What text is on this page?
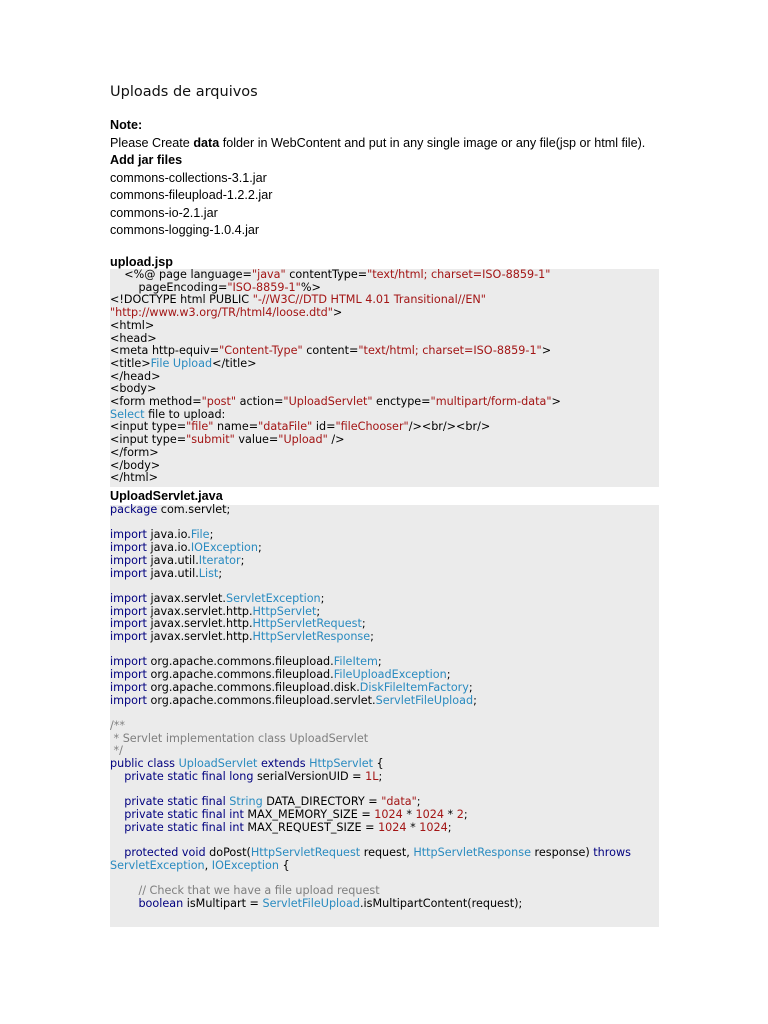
Uploads de arquivos
Note:
Please Create data folder in WebContent and put in any single image or any file(jsp or html file).
Add jar files
commons-collections-3.1.jar
commons-fileupload-1.2.2.jar
commons-io-2.1.jar
commons-logging-1.0.4.jar
upload.jsp
<%@ page language="java" contentType="text/html; charset=ISO-8859-1"
pageEncoding="ISO-8859-1"%>
<!DOCTYPE html PUBLIC "-//W3C//DTD HTML 4.01 Transitional//EN"
"http://www.w3.org/TR/html4/loose.dtd">
<html>
<head>
<meta http-equiv="Content-Type" content="text/html; charset=ISO-8859-1">
<title>File Upload</title>
</head>
<body>
<form method="post" action="UploadServlet" enctype="multipart/form-data">
Select file to upload:
<input type="file" name="dataFile" id="fileChooser"/><br/><br/>
<input type="submit" value="Upload" />
</form>
</body>
</html>
UploadServlet.java
package com.servlet;
import java.io.File;
import java.io.IOException;
import java.util.Iterator;
import java.util.List;
import javax.servlet.ServletException;
import javax.servlet.http.HttpServlet;
import javax.servlet.http.HttpServletRequest;
import javax.servlet.http.HttpServletResponse;
import org.apache.commons.fileupload.FileItem;
import org.apache.commons.fileupload.FileUploadException;
import org.apache.commons.fileupload.disk.DiskFileItemFactory;
import org.apache.commons.fileupload.servlet.ServletFileUpload;
/**
* Servlet implementation class UploadServlet
*/
public class UploadServlet extends HttpServlet {
private static final long serialVersionUID = 1L;
private static final String DATA_DIRECTORY = "data";
private static final int MAX_MEMORY_SIZE = 1024 * 1024 * 2;
private static final int MAX_REQUEST_SIZE = 1024 * 1024;
protected void doPost(HttpServletRequest request, HttpServletResponse response) throws
ServletException, IOException {
// Check that we have a file upload request
boolean isMultipart = ServletFileUpload.isMultipartContent(request);
